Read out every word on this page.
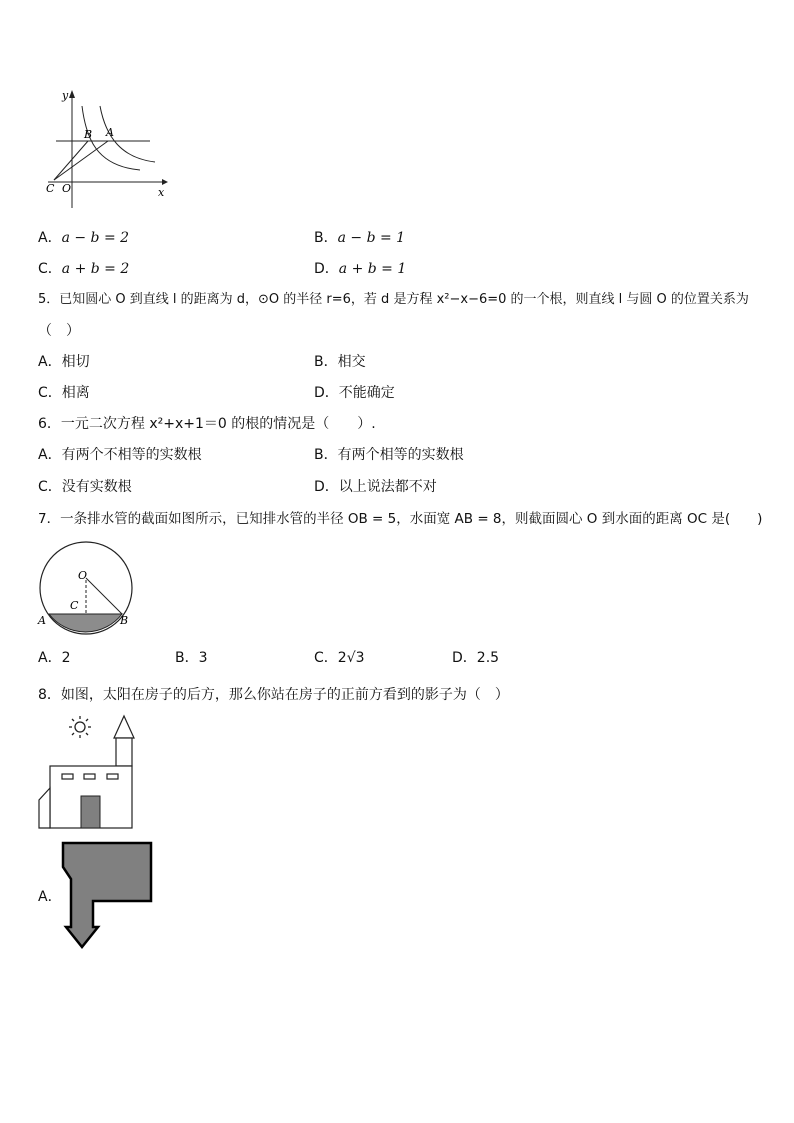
y
x
B A
C O
A．a − b = 2	B．a − b = 1
C．a + b = 2	D．a + b = 1
5．已知圆心 O 到直线 l 的距离为 d，⊙O 的半径 r=6，若 d 是方程 x²−x−6=0 的一个根，则直线 l 与圆 O 的位置关系为
（　）
A．相切	B．相交
C．相离	D．不能确定
6．一元二次方程 x²+x+1＝0 的根的情况是（　　）.
A．有两个不相等的实数根	B．有两个相等的实数根
C．没有实数根	D．以上说法都不对
7．一条排水管的截面如图所示，已知排水管的半径 OB = 5，水面宽 AB = 8，则截面圆心 O 到水面的距离 OC 是(　　)
O
C
A	B
A．2	B．3	C．2√3	D．2.5
8．如图，太阳在房子的后方，那么你站在房子的正前方看到的影子为（　）
A．
